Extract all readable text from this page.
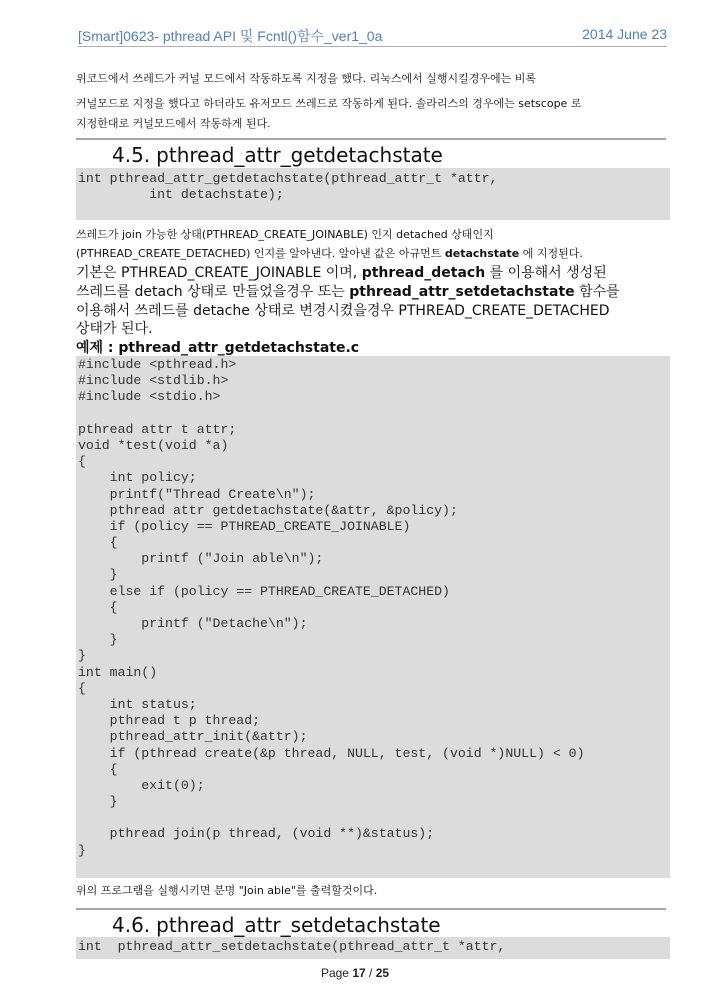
[Smart]0623- pthread API 및 Fcntl()함수_ver1_0a	2014 June 23

위코드에서 쓰레드가 커널 모드에서 작동하도록 지정을 했다. 리눅스에서 실행시킬경우에는 비록

커널모드로 지정을 했다고 하더라도 유저모드 쓰레드로 작동하게 된다. 솔라리스의 경우에는 setscope 로

지정한대로 커널모드에서 작동하게 된다.

4.5. pthread_attr_getdetachstate
int pthread_attr_getdetachstate(pthread_attr_t *attr,
int detachstate);

쓰레드가 join 가능한 상태(PTHREAD_CREATE_JOINABLE) 인지 detached 상태인지

(PTHREAD_CREATE_DETACHED) 인지를 알아낸다. 알아낸 값은 아규먼트 detachstate 에 지정된다.

기본은 PTHREAD_CREATE_JOINABLE 이며, pthread_detach 를 이용해서 생성된

쓰레드를 detach 상태로 만들었을경우 또는 pthread_attr_setdetachstate 함수를

이용해서 쓰레드를 detache 상태로 변경시켰을경우 PTHREAD_CREATE_DETACHED

상태가 된다.

예제 : pthread_attr_getdetachstate.c

#include <pthread.h>
#include <stdlib.h>
#include <stdio.h>
pthread attr t attr;
void *test(void *a)
{
int policy;
printf("Thread Create\n");
pthread attr getdetachstate(&attr, &policy);
if (policy == PTHREAD_CREATE_JOINABLE)
{
printf ("Join able\n");
}
else if (policy == PTHREAD_CREATE_DETACHED)
{
printf ("Detache\n");
}
}
int main()
{
int status;
pthread t p thread;
pthread_attr_init(&attr);
if (pthread create(&p thread, NULL, test, (void *)NULL) < 0)
{
exit(0);
}
pthread join(p thread, (void **)&status);
}

위의 프로그램을 실행시키면 분명 "Join able"를 출력할것이다.

4.6. pthread_attr_setdetachstate
int  pthread_attr_setdetachstate(pthread_attr_t *attr,
Page 17 / 25
